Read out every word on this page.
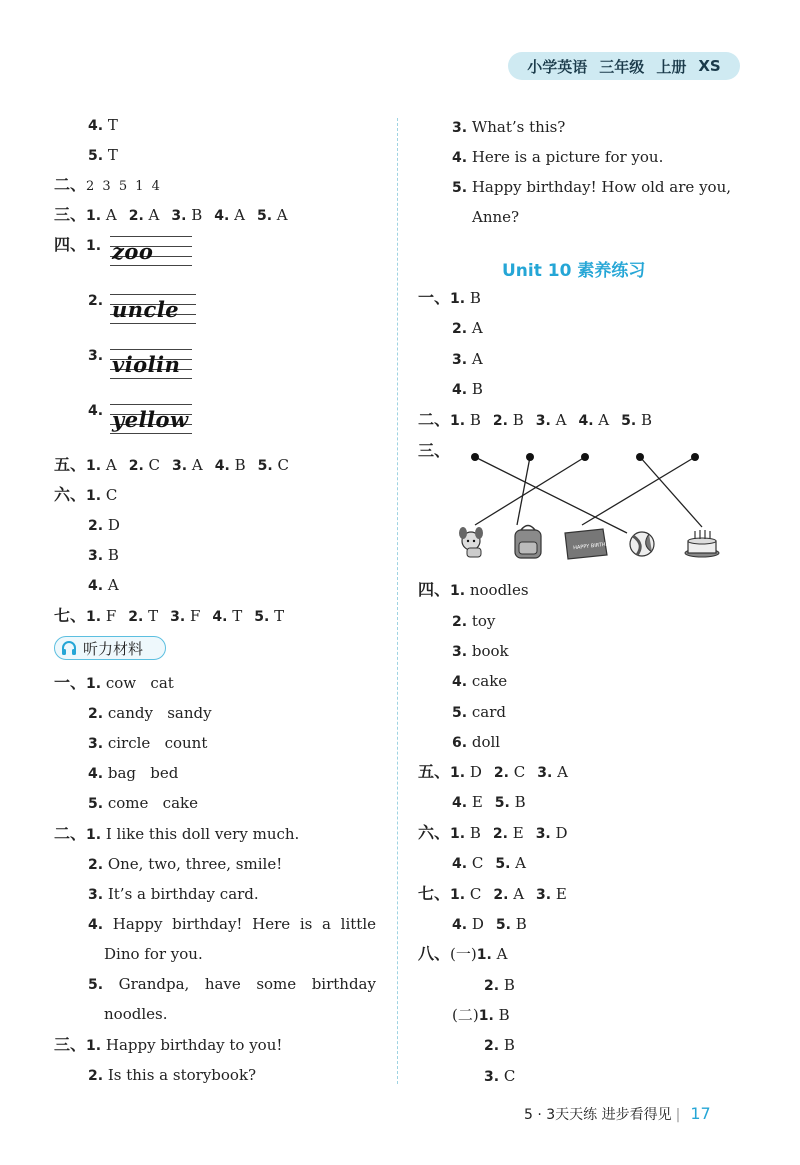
小学英语 三年级 上册 XS
4. T
5. T
二、2 3 5 1 4
三、1. A 2. A 3. B 4. A 5. A
四、1. zoo
2. uncle
3. violin
4. yellow
五、1. A 2. C 3. A 4. B 5. C
六、1. C
2. D
3. B
4. A
七、1. F 2. T 3. F 4. T 5. T
听力材料
一、1. cow   cat
2. candy   sandy
3. circle   count
4. bag   bed
5. come   cake
二、1. I like this doll very much.
2. One, two, three, smile!
3. It’s a birthday card.
4. Happy birthday! Here is a little
Dino for you.
5. Grandpa, have some birthday
noodles.
三、1. Happy birthday to you!
2. Is this a storybook?
3. What’s this?
4. Here is a picture for you.
5. Happy birthday! How old are you,
Anne?
Unit 10 素养练习
一、1. B
2. A
3. A
4. B
二、1. B 2. B 3. A 4. A 5. B
三、
HAPPY BIRTHDAY
四、1. noodles
2. toy
3. book
4. cake
5. card
6. doll
五、1. D 2. C 3. A
4. E 5. B
六、1. B 2. E 3. D
4. C 5. A
七、1. C 2. A 3. E
4. D 5. B
八、(一)1. A
2. B
(二)1. B
2. B
3. C
5 · 3天天练 进步看得见 | 17
